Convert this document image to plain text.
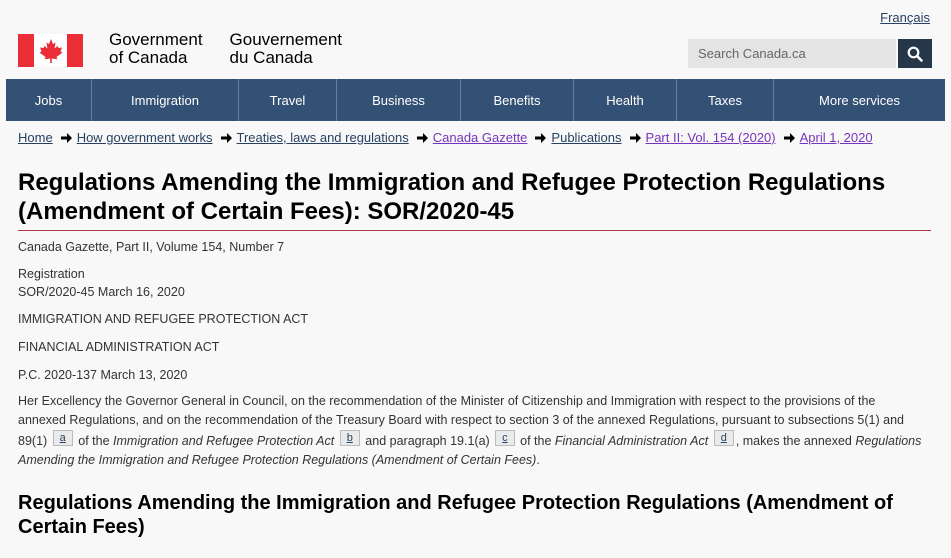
Français
Government
of Canada
Gouvernement
du Canada	Search Canada.ca
Jobs	Immigration	Travel	Business	Benefits	Health	Taxes	More services
Home How government works Treaties, laws and regulations Canada Gazette Publications Part II: Vol. 154 (2020) April 1, 2020
Regulations Amending the Immigration and Refugee Protection Regulations (Amendment of Certain Fees): SOR/2020-45
Canada Gazette, Part II, Volume 154, Number 7
Registration
SOR/2020-45 March 16, 2020
IMMIGRATION AND REFUGEE PROTECTION ACT
FINANCIAL ADMINISTRATION ACT
P.C. 2020-137 March 13, 2020

Her Excellency the Governor General in Council, on the recommendation of the Minister of Citizenship and Immigration with respect to the provisions of the annexed Regulations, and on the recommendation of the Treasury Board with respect to section 3 of the annexed Regulations, pursuant to subsections 5(1) and 89(1) a of the Immigration and Refugee Protection Act b and paragraph 19.1(a) c of the Financial Administration Act d , makes the annexed Regulations Amending the Immigration and Refugee Protection Regulations (Amendment of Certain Fees).

Regulations Amending the Immigration and Refugee Protection Regulations (Amendment of Certain Fees)
